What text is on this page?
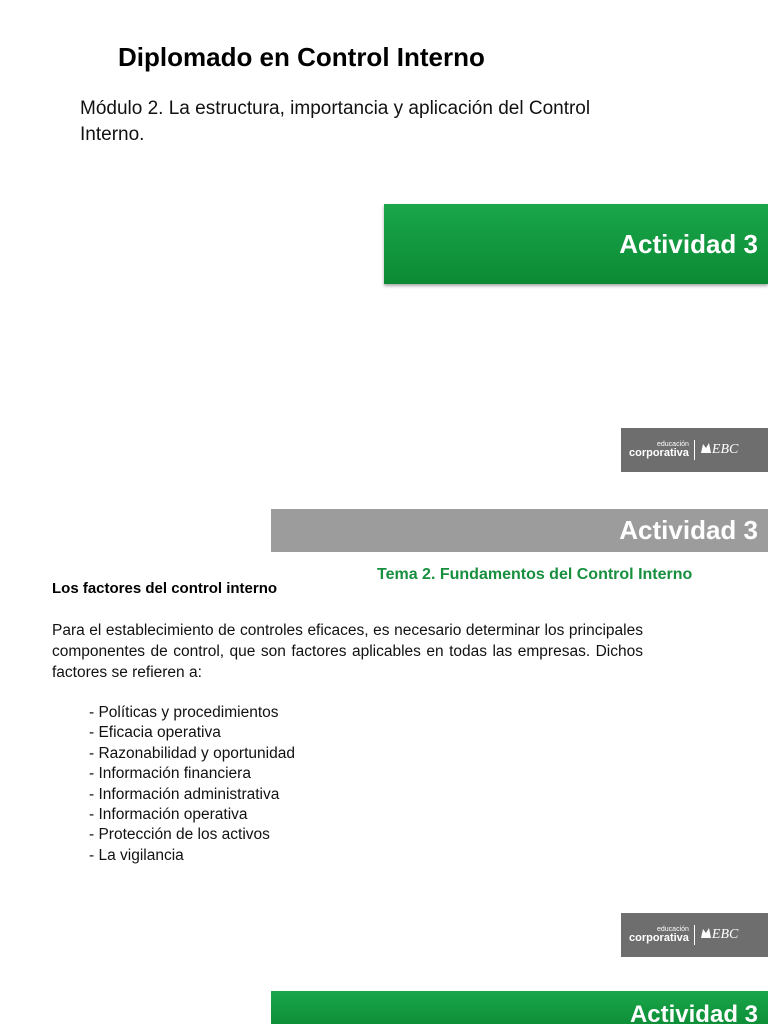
Diplomado en Control Interno
Módulo 2. La estructura, importancia y aplicación del Control Interno.
Actividad 3
educación
corporativa EBC
Actividad 3
Tema 2. Fundamentos del Control Interno
Los factores del control interno

Para el establecimiento de controles eficaces, es necesario determinar los principales componentes de control, que son factores aplicables en todas las empresas. Dichos factores se refieren a:

- Políticas y procedimientos
- Eficacia operativa
- Razonabilidad y oportunidad
- Información financiera
- Información administrativa
- Información operativa
- Protección de los activos
- La vigilancia
educación
corporativa EBC
Actividad 3
